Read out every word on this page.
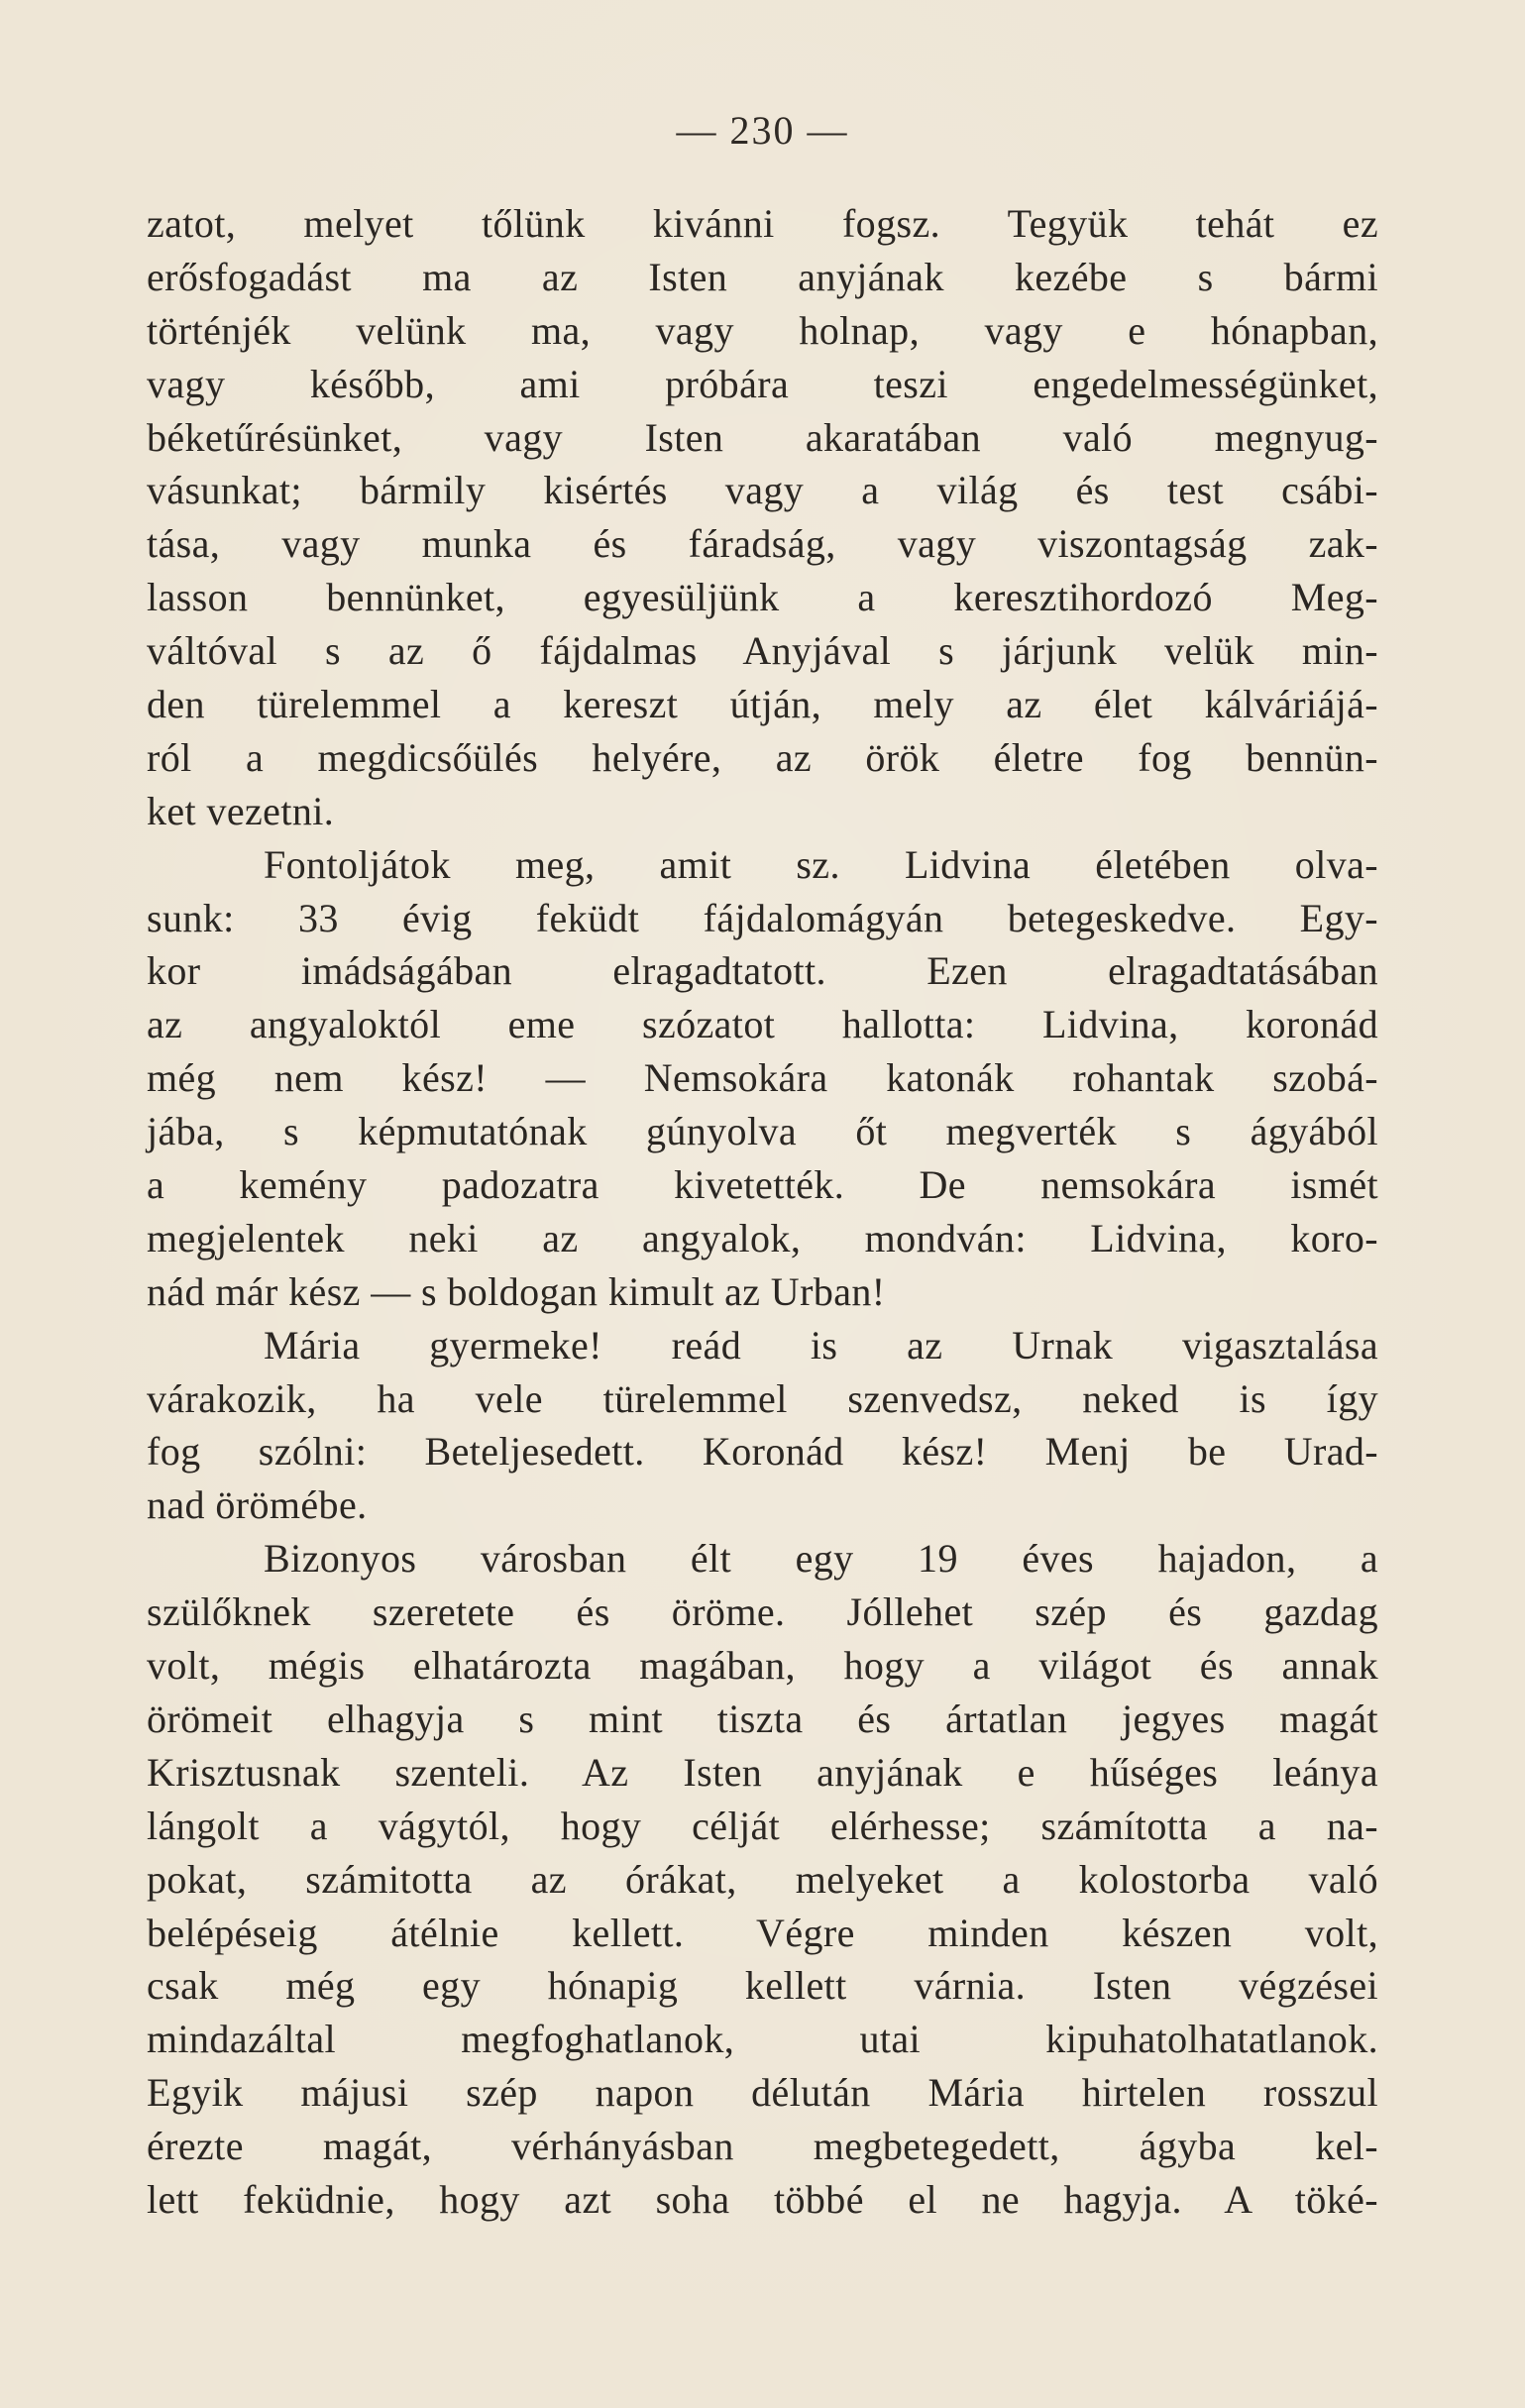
— 230 —
zatot, melyet tőlünk kivánni fogsz. Tegyük tehát ez
erősfogadást ma az Isten anyjának kezébe s bármi
történjék velünk ma, vagy holnap, vagy e hónapban,
vagy később, ami próbára teszi engedelmességünket,
béketűrésünket, vagy Isten akaratában való megnyug-
vásunkat; bármily kisértés vagy a világ és test csábi-
tása, vagy munka és fáradság, vagy viszontagság zak-
lasson bennünket, egyesüljünk a keresztihordozó Meg-
váltóval s az ő fájdalmas Anyjával s járjunk velük min-
den türelemmel a kereszt útján, mely az élet kálváriájá-
ról a megdicsőülés helyére, az örök életre fog bennün-
ket vezetni.
Fontoljátok meg, amit sz. Lidvina életében olva-
sunk: 33 évig feküdt fájdalomágyán betegeskedve. Egy-
kor imádságában elragadtatott. Ezen elragadtatásában
az angyaloktól eme szózatot hallotta: Lidvina, koronád
még nem kész! — Nemsokára katonák rohantak szobá-
jába, s képmutatónak gúnyolva őt megverték s ágyából
a kemény padozatra kivetették. De nemsokára ismét
megjelentek neki az angyalok, mondván: Lidvina, koro-
nád már kész — s boldogan kimult az Urban!
Mária gyermeke! reád is az Urnak vigasztalása
várakozik, ha vele türelemmel szenvedsz, neked is így
fog szólni: Beteljesedett. Koronád kész! Menj be Urad-
nad örömébe.
Bizonyos városban élt egy 19 éves hajadon, a
szülőknek szeretete és öröme. Jóllehet szép és gazdag
volt, mégis elhatározta magában, hogy a világot és annak
örömeit elhagyja s mint tiszta és ártatlan jegyes magát
Krisztusnak szenteli. Az Isten anyjának e hűséges leánya
lángolt a vágytól, hogy célját elérhesse; számította a na-
pokat, számitotta az órákat, melyeket a kolostorba való
belépéseig átélnie kellett. Végre minden készen volt,
csak még egy hónapig kellett várnia. Isten végzései
mindazáltal megfoghatlanok, utai kipuhatolhatatlanok.
Egyik májusi szép napon délután Mária hirtelen rosszul
érezte magát, vérhányásban megbetegedett, ágyba kel-
lett feküdnie, hogy azt soha többé el ne hagyja. A töké-
